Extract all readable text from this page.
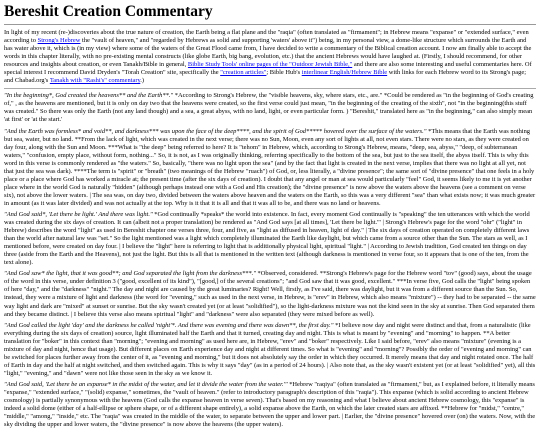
Bereshit Creation Commentary

In light of my recent (re-)discoveries about the true nature of creation, the Earth being a flat plane and the "raqia" (often translated as "firmament"; in Hebrew means "expanse" or "extended surface," even according to Strong's Hebrew the "vault of heaven," and "regarded by Hebrews as solid and supporting 'waters' above it") being, in my personal view, a dome-like structure which surrounds the Earth and has water above it, which is (in my view) where some of the waters of the Great Flood came from, I have decided to write a commentary of the Biblical creation account. I now am finally able to accept the words in this chapter literally, with no pre-existing mental constructs (like globe Earth, big bang, evolution, etc.) that the ancient Hebrews would have laughed at. (Firstly, I should recommend, for other resources and insights about creation, or even Tanakh/Bible in general, Biblie Study Tools' online pages of the "Outdoor Jewish Bible," and there are also some interesting and useful commentaries here. Of special interest I recommend David Dryden's "Torah Creation" site, specifically the "creation articles"; Bible Hub's interlinear English/Hebrew Bible with links for each Hebrew word to its Strong's page; and Chabad.org's Tanakh with "Rashi's" commentary.)

"In the beginning*, God created the heavens** and the Earth**." *According to Strong's Hebrew, the "visible heavens, sky, where stars, etc., are." *Could be rendered as "in the beginning of God's creating of," , as the heavens are mentioned, but it is only on day two that the heavens were created, so the first verse could just mean, "in the beginning of the creating of the sixth", not "in the beginning(this stuff was created." So there was only the Earth (not any land though) and a sea, a great abyss, with no land, light, or even particular form. ) "Bereshit," translated here as "in the beginning," can also simply mean 'at first' or 'at the start.'

"And the Earth was formless* and void**, and darkness*** was upon the face of the deep****, and the spirit of God***** hovered over the surface of the waters." *This means that the Earth was nothing but sea, water, but no land. **From the lack of light, which was created in the next verse; there was no Sun, Moon, even any sort of lights at all, not even stars. There were no stars, as they were created on day four, along with the Sun and Moon. ***What is "the deep" being referred to here? It is "tehom" in Hebrew, which, according to Strong's Hebrew, means, "deep, sea, abyss," "deep, of subterranean waters," "confusion, empty place, without form, nothing..." So, it is not, as I was originally thinking, referring specifically to the bottom of the sea, but just to the sea itself, the abyss itself. This is why this word in this verse is commonly rendered as "the waters." So, basically, "there was no light upon the sea" (and by the fact that light is created in the next verse, implies that there was no light at all yet, not that just the sea was dark). ****The term is "spirit" or "breath" (two meanings of the Hebrew "ruach") of God, or, less literally, a "divine presence"; the same sort of "divine presence" that one feels in a holy place or a place where God has worked a miracle at; the present time (after the six days of creation). I doubt that any angel or man at sea would particularly "feel" God, it seems likely to me it is yet another place where in the world God is naturally "hidden" (although perhaps instead one with a God and His creation); the "divine presence" is now above the waters above the heavens (see a comment on verse six), not above the lower waters. | The sea was, on day two, divided between the waters above heaven and the waters on the Earth, so this was a very different "sea" than what exists now; it was much greater in amount (as it was later divided) and was not actually at the top. Why is it that it is all and that it was all to be, and there was no land or heavens.

"And God said*, 'Let there be light.' And there was light." *God continually *speaks* the world into existence. In fact, every moment God continually is "speaking" the ten utterances with which the world was created during the six days of creation. It can (albeit not a proper translation) be rendered as "And God says [at all times], 'Let there be light.'" | Strong's Hebrew's page for the word "ohr" ("light" in Hebrew) describes the word "light" as used in Bereshit chapter one verses three, four, and five, as "light as diffused in heaven, light of day." | The six days of creation operated on completely different laws than the world after natural law was "set." So the light mentioned was a light which completely illuminated the Earth like daylight, but which came from a source other than the Sun. The stars as well, as I mentioned before, were created on day four. | I believe the "light" here is referring to light that is additionally physical light, spiritual "light." | According to Jewish tradition, God created ten things on day three (aside from the Earth and the Heavens), not just the light. But this is all that is mentioned in the written text (although darkness is mentioned in verse four, so it appears that is one of the ten, from the text alone).

"And God saw* the light, that it was good**; and God separated the light from the darkness***." *Observed, considered. **Strong's Hebrew's page for the Hebrew word "tov" (good) says, about the usage of the word in this verse, under definition 3 ("good, excellent of its kind"), "[good,] of the several creations"; "and God saw that it was good, excellent." ***In verse five, God calls the "light" being spoken of here "day," and the "darkness" "night." The day and night are caused by the great luminaries? Right! Well, firstly, as I've said, there was daylight, but it was from a different source than the Sun. So, instead, they were a mixture of light and darkness (the word for "evening," such as used in the next verse, in Hebrew, is "erev" in Hebrew, which also means "mixture") -- they had to be separated -- the same way light and dark are "mixed" at sunset or sunrise. But the sky wasn't created yet (or at least "solidified"), so the light-darkness mixture was not the kind seen in the sky at sunrise. Then God separated them and they became distinct. | I believe this verse also means spiritual "light" and "darkness" were also separated (they were mixed before as well).

"And God called the light 'day' and the darkness he called 'night'*. And there was evening and there was dawn**, the first day." *I believe now day and night were distinct and that, from a naturalistic (like everything during the six days of creation) source, light illuminated half the Earth and that it turned, creating day and night. This is what is meant by "evening" and "morning" to happen. **A better translation for "boker" in this context than "morning"; "evening and morning" as used here are, in Hebrew, "erev" and "boker" respectively. Like I said before, "erev" also means "mixture" (evening is a mixture of day and night, hence that usage). But different places on Earth experience day and night at different times. So what is "evening" and "morning"? Possibly the order of "evening and morning" can be switched for places further away from the center of it, as "evening and morning," but it does not absolutely say the order in which they occurred. It merely means that day and night rotated once. The half of Earth in day and the half at night switched, and then switched again. This is why it says "day" (as in a period of 24 hours). | Also note that, as the sky wasn't existent yet (or at least "solidified" yet), all this "light," "evening," and "dawn" were not like those seen in the sky as we know it.

"And God said, 'Let there be an expanse* in the midst of the water, and let it divide the water from the water.'" *Hebrew "raqiya" (often translated as "firmament," but, as I explained before, it literally means "expanse," "extended surface," "(solid) expanse," sometimes, the "vault of heaven." (refer to introductory paragraph's description of this "raqia"). This expanse (which is solid according to ancient Hebrew cosmology) is partially synonymous with the heavens (God calls the expanse heaven in verse seven). That's based on my reasoning and what I believe about ancient Hebrew cosmology, this "expanse" is indeed a solid dome (either of a half-ellipse or sphere shape, or of a different shape entirely), a solid expanse above the Earth, on which the later created stars are affixed. **Hebrew for "midst," "centre," "middle," "among," "inside," etc. The "raqia" was created in the middle of the water, to separate between the upper and lower part. | Earlier, the "divine presence" hovered over (on) the waters. Now, with the sky dividing the upper and lower waters, the "divine presence" is now above the heavens (the upper waters).
